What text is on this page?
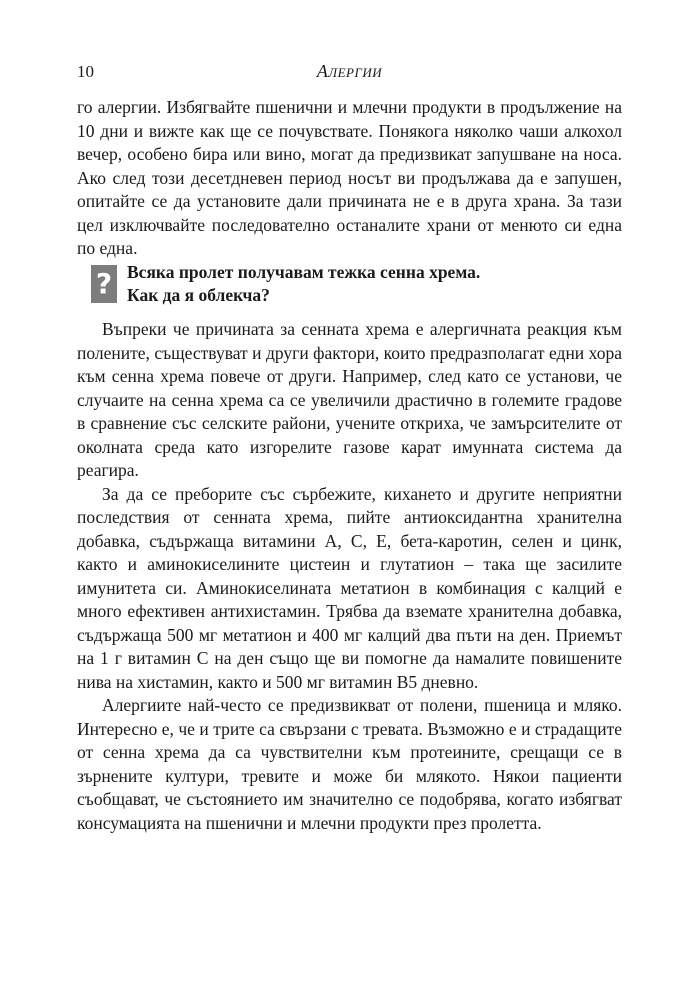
10	Алергии

го алергии. Избягвайте пшенични и млечни продукти в продължение на 10 дни и вижте как ще се почувствате. Понякога няколко чаши алкохол вечер, особено бира или вино, могат да предизвикат запушване на носа. Ако след този десетдневен период носът ви продължава да е запушен, опитайте се да установите дали причината не е в друга храна. За тази цел изключвайте последователно останалите храни от менюто си една по една.

? Всяка пролет получавам тежка сенна хрема.
Как да я облекча?

Въпреки че причината за сенната хрема е алергичната реакция към полените, съществуват и други фактори, които предразполагат едни хора към сенна хрема повече от други. Например, след като се установи, че случаите на сенна хрема са се увеличили драстично в големите градове в сравнение със селските райони, учените откриха, че замърсителите от околната среда като изгорелите газове карат имунната система да реагира.

За да се преборите със сърбежите, кихането и другите неприятни последствия от сенната хрема, пийте антиоксидантна хранителна добавка, съдържаща витамини А, С, Е, бета-каротин, селен и цинк, както и аминокиселините цистеин и глутатион – така ще засилите имунитета си. Аминокиселината метатион в комбинация с калций е много ефективен антихистамин. Трябва да вземате хранителна добавка, съдържаща 500 мг метатион и 400 мг калций два пъти на ден. Приемът на 1 г витамин С на ден също ще ви помогне да намалите повишените нива на хистамин, както и 500 мг витамин В5 дневно.

Алергиите най-често се предизвикват от полени, пшеница и мляко. Интересно е, че и трите са свързани с тревата. Възможно е и страдащите от сенна хрема да са чувствителни към протеините, срещащи се в зърнените култури, тревите и може би млякото. Някои пациенти съобщават, че състоянието им значително се подобрява, когато избягват консумацията на пшенични и млечни продукти през пролетта.
